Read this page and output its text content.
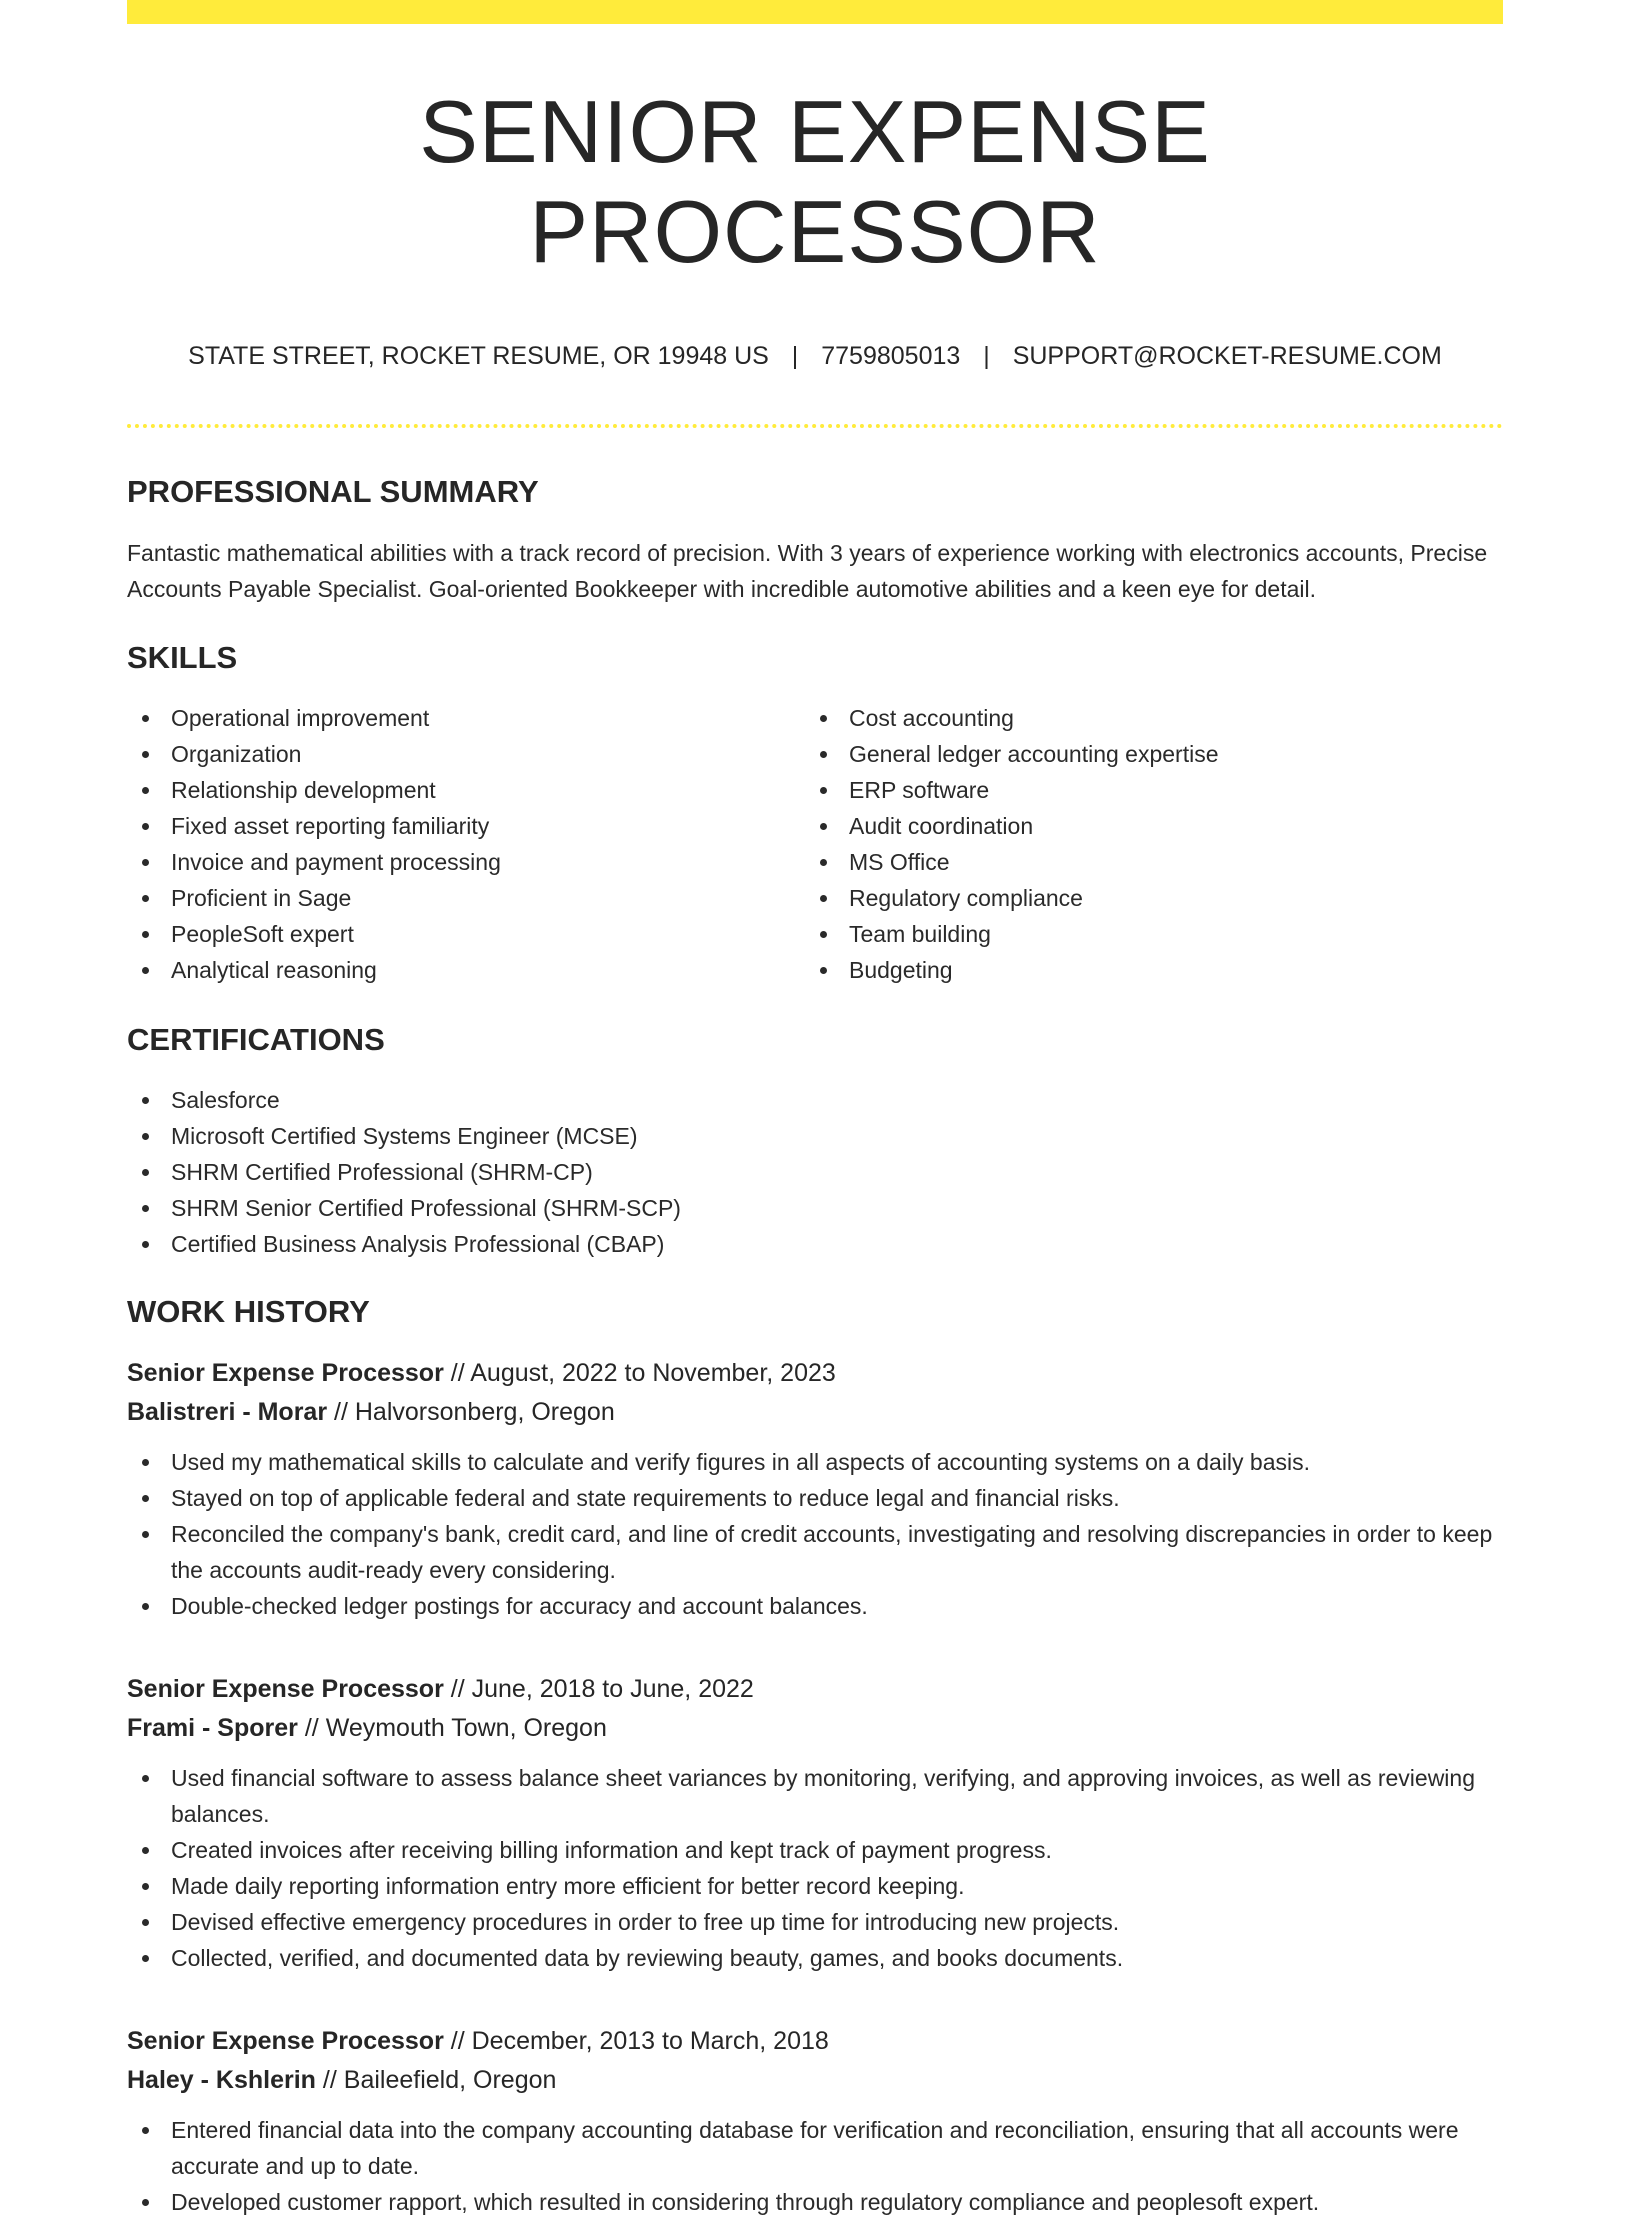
SENIOR EXPENSE PROCESSOR
STATE STREET, ROCKET RESUME, OR 19948 US | 7759805013 | SUPPORT@ROCKET-RESUME.COM
PROFESSIONAL SUMMARY

Fantastic mathematical abilities with a track record of precision. With 3 years of experience working with electronics accounts, Precise Accounts Payable Specialist. Goal-oriented Bookkeeper with incredible automotive abilities and a keen eye for detail.

SKILLS
Operational improvement
Organization
Relationship development
Fixed asset reporting familiarity
Invoice and payment processing
Proficient in Sage
PeopleSoft expert
Analytical reasoning
Cost accounting
General ledger accounting expertise
ERP software
Audit coordination
MS Office
Regulatory compliance
Team building
Budgeting
CERTIFICATIONS
Salesforce
Microsoft Certified Systems Engineer (MCSE)
SHRM Certified Professional (SHRM-CP)
SHRM Senior Certified Professional (SHRM-SCP)
Certified Business Analysis Professional (CBAP)
WORK HISTORY
Senior Expense Processor // August, 2022 to November, 2023
Balistreri - Morar // Halvorsonberg, Oregon
Used my mathematical skills to calculate and verify figures in all aspects of accounting systems on a daily basis.
Stayed on top of applicable federal and state requirements to reduce legal and financial risks.
Reconciled the company's bank, credit card, and line of credit accounts, investigating and resolving discrepancies in order to keep the accounts audit-ready every considering.
Double-checked ledger postings for accuracy and account balances.
Senior Expense Processor // June, 2018 to June, 2022
Frami - Sporer // Weymouth Town, Oregon
Used financial software to assess balance sheet variances by monitoring, verifying, and approving invoices, as well as reviewing balances.
Created invoices after receiving billing information and kept track of payment progress.
Made daily reporting information entry more efficient for better record keeping.
Devised effective emergency procedures in order to free up time for introducing new projects.
Collected, verified, and documented data by reviewing beauty, games, and books documents.
Senior Expense Processor // December, 2013 to March, 2018
Haley - Kshlerin // Baileefield, Oregon
Entered financial data into the company accounting database for verification and reconciliation, ensuring that all accounts were accurate and up to date.
Developed customer rapport, which resulted in considering through regulatory compliance and peoplesoft expert.
